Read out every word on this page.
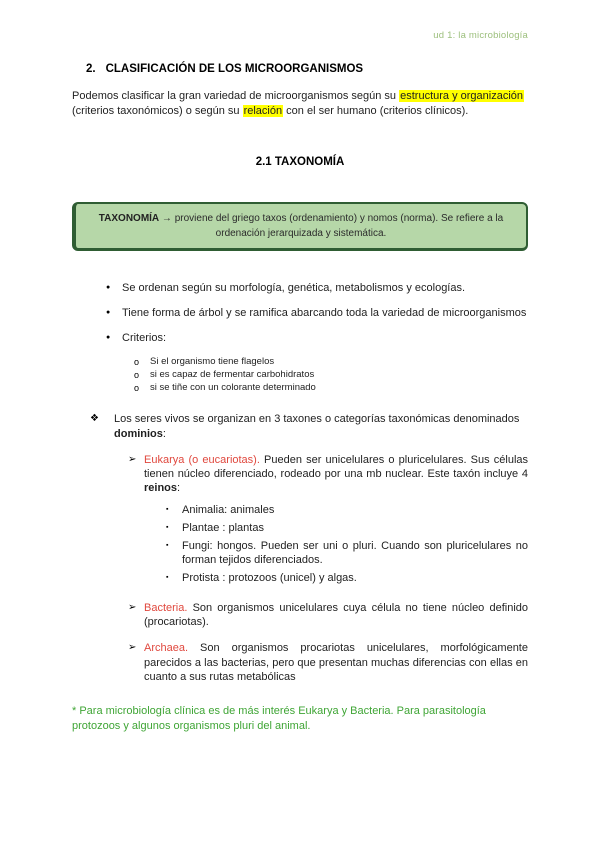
ud 1: la microbiología
2. CLASIFICACIÓN DE LOS MICROORGANISMOS

Podemos clasificar la gran variedad de microorganismos según su estructura y organización (criterios taxonómicos) o según su relación con el ser humano (criterios clínicos).

2.1 TAXONOMÍA

TAXONOMÍA → proviene del griego taxos (ordenamiento) y nomos (norma). Se refiere a la ordenación jerarquizada y sistemática.

●	Se ordenan según su morfología, genética, metabolismos y ecologías.
●	Tiene forma de árbol y se ramifica abarcando toda la variedad de microorganismos
●	Criterios:
o	Si el organismo tiene flagelos
o	si es capaz de fermentar carbohidratos
o	si se tiñe con un colorante determinado
❖	Los seres vivos se organizan en 3 taxones o categorías taxonómicas denominados dominios:
➢ Eukarya (o eucariotas). Pueden ser unicelulares o pluricelulares. Sus células tienen núcleo diferenciado, rodeado por una mb nuclear. Este taxón incluye 4 reinos:
▪	Animalia: animales
▪	Plantae : plantas
▪	Fungi: hongos. Pueden ser uni o pluri. Cuando son pluricelulares no forman tejidos diferenciados.
▪	Protista : protozoos (unicel) y algas.
➢ Bacteria. Son organismos unicelulares cuya célula no tiene núcleo definido (procariotas).
➢ Archaea. Son organismos procariotas unicelulares, morfológicamente parecidos a las bacterias, pero que presentan muchas diferencias con ellas en cuanto a sus rutas metabólicas

* Para microbiología clínica es de más interés Eukarya y Bacteria. Para parasitología protozoos y algunos organismos pluri del animal.
